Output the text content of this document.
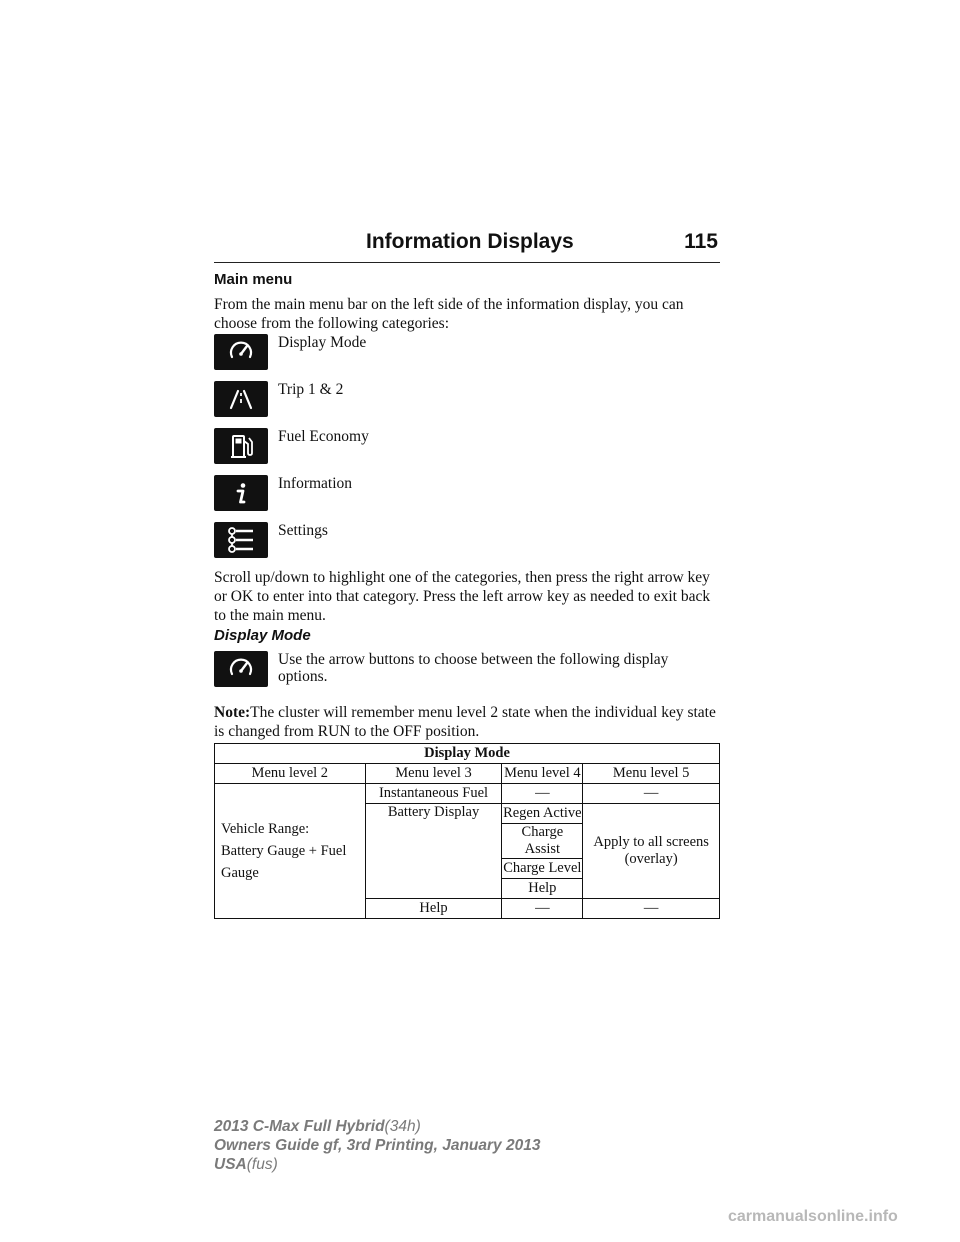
Information Displays	115
Main menu
From the main menu bar on the left side of the information display, you can choose from the following categories:
Display Mode
Trip 1 & 2
Fuel Economy
Information
Settings
Scroll up/down to highlight one of the categories, then press the right arrow key or OK to enter into that category. Press the left arrow key as needed to exit back to the main menu.
Display Mode
Use the arrow buttons to choose between the following display options.
Note:The cluster will remember menu level 2 state when the individual key state is changed from RUN to the OFF position.
Display Mode			
Menu level 2	Menu level 3	Menu level 4	Menu level 5
Vehicle Range:
Battery Gauge + Fuel Gauge	Instantaneous Fuel	—	—
	Battery Display	Regen Active	Apply to all screens (overlay)
		Charge Assist	
		Charge Level	
		Help	
	Help	—	—
2013 C-Max Full Hybrid(34h)
Owners Guide gf, 3rd Printing, January 2013
USA(fus)
carmanualsonline.info
